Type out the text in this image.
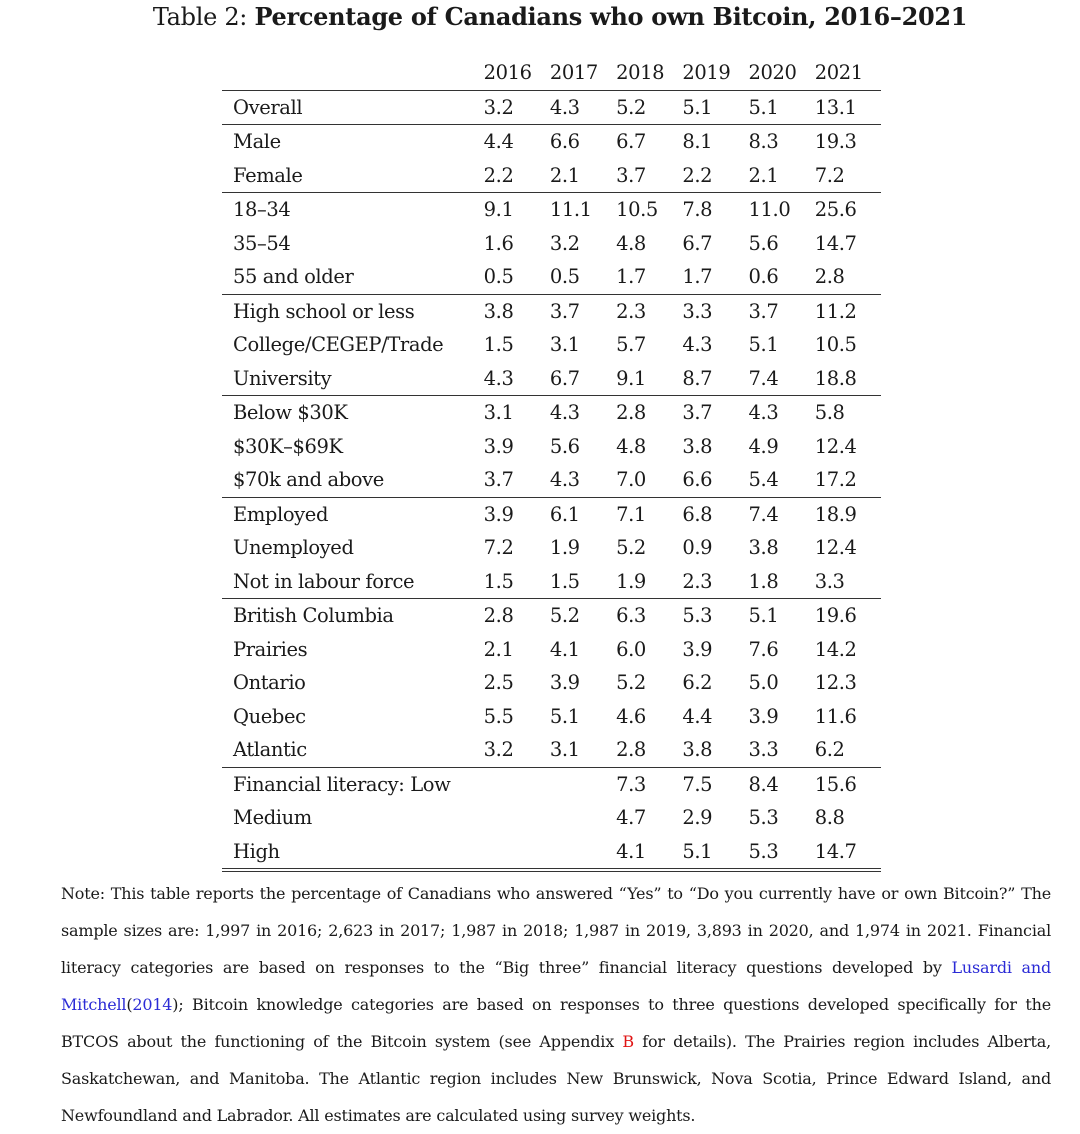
Table 2: Percentage of Canadians who own Bitcoin, 2016–2021
	2016	2017	2018	2019	2020	2021
Overall	3.2	4.3	5.2	5.1	5.1	13.1
Male	4.4	6.6	6.7	8.1	8.3	19.3
Female	2.2	2.1	3.7	2.2	2.1	7.2
18–34	9.1	11.1	10.5	7.8	11.0	25.6
35–54	1.6	3.2	4.8	6.7	5.6	14.7
55 and older	0.5	0.5	1.7	1.7	0.6	2.8
High school or less	3.8	3.7	2.3	3.3	3.7	11.2
College/CEGEP/Trade	1.5	3.1	5.7	4.3	5.1	10.5
University	4.3	6.7	9.1	8.7	7.4	18.8
Below $30K	3.1	4.3	2.8	3.7	4.3	5.8
$30K–$69K	3.9	5.6	4.8	3.8	4.9	12.4
$70k and above	3.7	4.3	7.0	6.6	5.4	17.2
Employed	3.9	6.1	7.1	6.8	7.4	18.9
Unemployed	7.2	1.9	5.2	0.9	3.8	12.4
Not in labour force	1.5	1.5	1.9	2.3	1.8	3.3
British Columbia	2.8	5.2	6.3	5.3	5.1	19.6
Prairies	2.1	4.1	6.0	3.9	7.6	14.2
Ontario	2.5	3.9	5.2	6.2	5.0	12.3
Quebec	5.5	5.1	4.6	4.4	3.9	11.6
Atlantic	3.2	3.1	2.8	3.8	3.3	6.2
Financial literacy: Low			7.3	7.5	8.4	15.6
Medium			4.7	2.9	5.3	8.8
High			4.1	5.1	5.3	14.7
Note: This table reports the percentage of Canadians who answered “Yes” to “Do you currently have or own Bitcoin?” The sample sizes are: 1,997 in 2016; 2,623 in 2017; 1,987 in 2018; 1,987 in 2019, 3,893 in 2020, and 1,974 in 2021. Financial literacy categories are based on responses to the “Big three” financial literacy questions developed by Lusardi and Mitchell(2014); Bitcoin knowledge categories are based on responses to three questions developed specifically for the BTCOS about the functioning of the Bitcoin system (see Appendix B for details). The Prairies region includes Alberta, Saskatchewan, and Manitoba. The Atlantic region includes New Brunswick, Nova Scotia, Prince Edward Island, and Newfoundland and Labrador. All estimates are calculated using survey weights.
